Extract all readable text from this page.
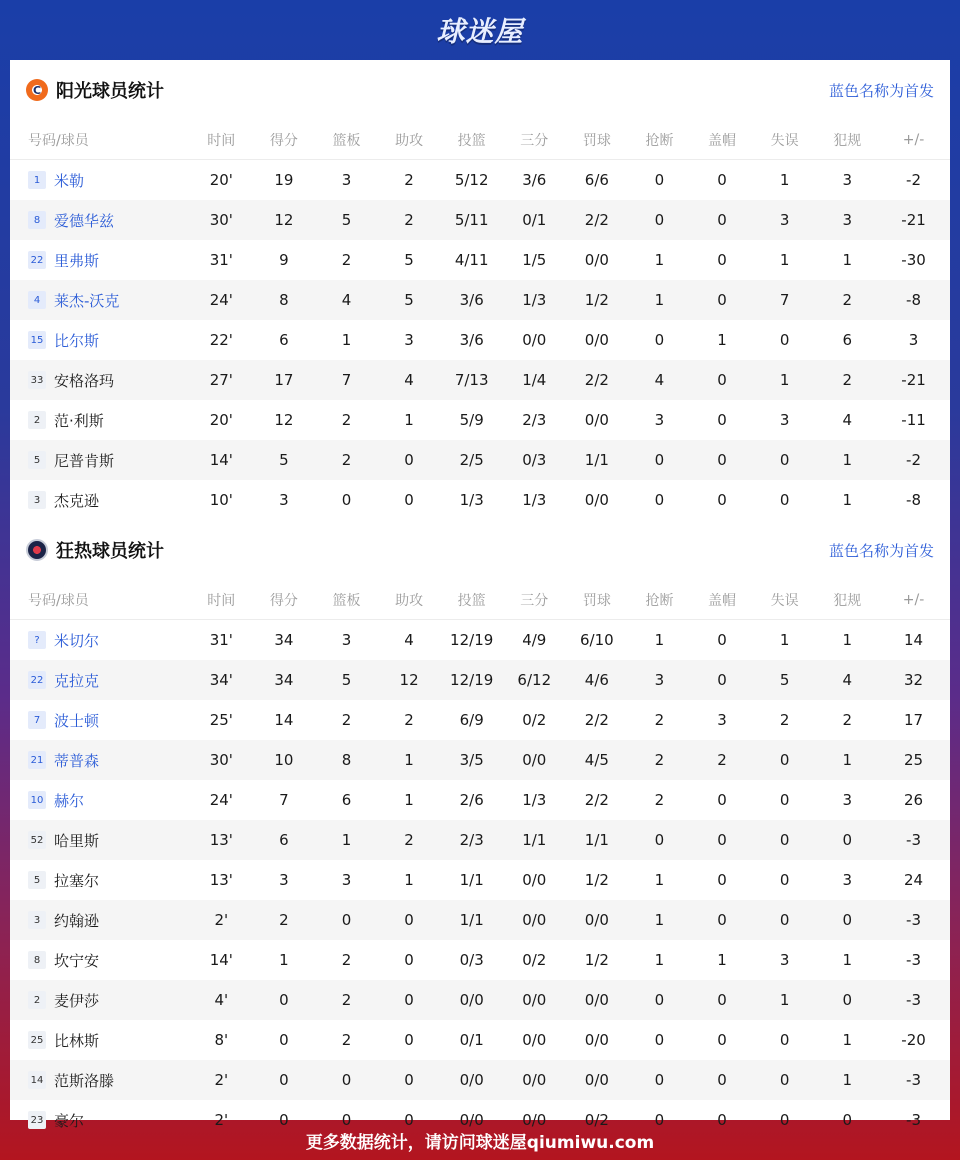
球迷屋
C 阳光球员统计	蓝色名称为首发
号码/球员	时间	得分	篮板	助攻	投篮	三分	罚球	抢断	盖帽	失误	犯规	+/-
1 米勒	20'	19	3	2	5/12	3/6	6/6	0	0	1	3	-2
8 爱德华兹	30'	12	5	2	5/11	0/1	2/2	0	0	3	3	-21
22 里弗斯	31'	9	2	5	4/11	1/5	0/0	1	0	1	1	-30
4 莱杰-沃克	24'	8	4	5	3/6	1/3	1/2	1	0	7	2	-8
15 比尔斯	22'	6	1	3	3/6	0/0	0/0	0	1	0	6	3
33 安格洛玛	27'	17	7	4	7/13	1/4	2/2	4	0	1	2	-21
2 范·利斯	20'	12	2	1	5/9	2/3	0/0	3	0	3	4	-11
5 尼普肯斯	14'	5	2	0	2/5	0/3	1/1	0	0	0	1	-2
3 杰克逊	10'	3	0	0	1/3	1/3	0/0	0	0	0	1	-8
狂热球员统计	蓝色名称为首发
号码/球员	时间	得分	篮板	助攻	投篮	三分	罚球	抢断	盖帽	失误	犯规	+/-
? 米切尔	31'	34	3	4	12/19	4/9	6/10	1	0	1	1	14
22 克拉克	34'	34	5	12	12/19	6/12	4/6	3	0	5	4	32
7 波士顿	25'	14	2	2	6/9	0/2	2/2	2	3	2	2	17
21 蒂普森	30'	10	8	1	3/5	0/0	4/5	2	2	0	1	25
10 赫尔	24'	7	6	1	2/6	1/3	2/2	2	0	0	3	26
52 哈里斯	13'	6	1	2	2/3	1/1	1/1	0	0	0	0	-3
5 拉塞尔	13'	3	3	1	1/1	0/0	1/2	1	0	0	3	24
3 约翰逊	2'	2	0	0	1/1	0/0	0/0	1	0	0	0	-3
8 坎宁安	14'	1	2	0	0/3	0/2	1/2	1	1	3	1	-3
2 麦伊莎	4'	0	2	0	0/0	0/0	0/0	0	0	1	0	-3
25 比林斯	8'	0	2	0	0/1	0/0	0/0	0	0	0	1	-20
14 范斯洛滕	2'	0	0	0	0/0	0/0	0/0	0	0	0	1	-3
23 豪尔	2'	0	0	0	0/0	0/0	0/2	0	0	0	0	-3
更多数据统计，请访问球迷屋qiumiwu.com
